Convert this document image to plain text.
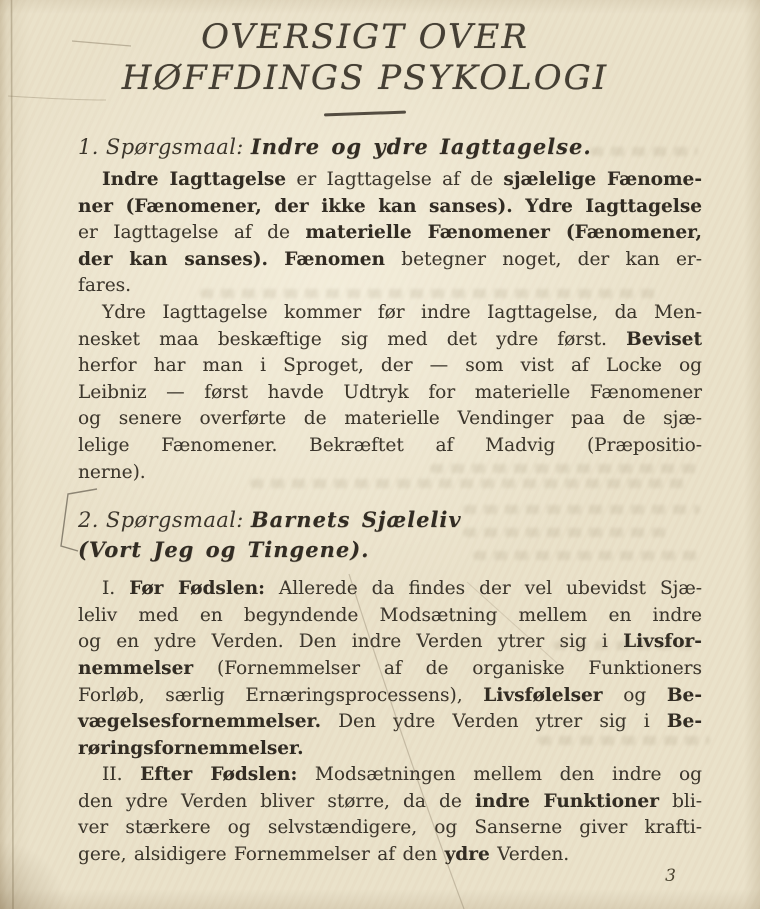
OVERSIGT OVER
HØFFDINGS PSYKOLOGI
1. Spørgsmaal: Indre og ydre Iagttagelse.
Indre Iagttagelse er Iagttagelse af de sjælelige Fænome-
ner (Fænomener, der ikke kan sanses). Ydre Iagttagelse
er Iagttagelse af de materielle Fænomener (Fænomener,
der kan sanses). Fænomen betegner noget, der kan er-
fares.
Ydre Iagttagelse kommer før indre Iagttagelse, da Men-
nesket maa beskæftige sig med det ydre først. Beviset
herfor har man i Sproget, der — som vist af Locke og
Leibniz — først havde Udtryk for materielle Fænomener
og senere overførte de materielle Vendinger paa de sjæ-
lelige Fænomener. Bekræftet af Madvig (Præpositio-
nerne).
2. Spørgsmaal: Barnets Sjæleliv
(Vort Jeg og Tingene).
I. Før Fødslen: Allerede da findes der vel ubevidst Sjæ-
leliv med en begyndende Modsætning mellem en indre
og en ydre Verden. Den indre Verden ytrer sig i Livsfor-
nemmelser (Fornemmelser af de organiske Funktioners
Forløb, særlig Ernæringsprocessens), Livsfølelser og Be-
vægelsesfornemmelser. Den ydre Verden ytrer sig i Be-
røringsfornemmelser.
II. Efter Fødslen: Modsætningen mellem den indre og
den ydre Verden bliver større, da de indre Funktioner bli-
ver stærkere og selvstændigere, og Sanserne giver krafti-
gere, alsidigere Fornemmelser af den ydre Verden.
3
